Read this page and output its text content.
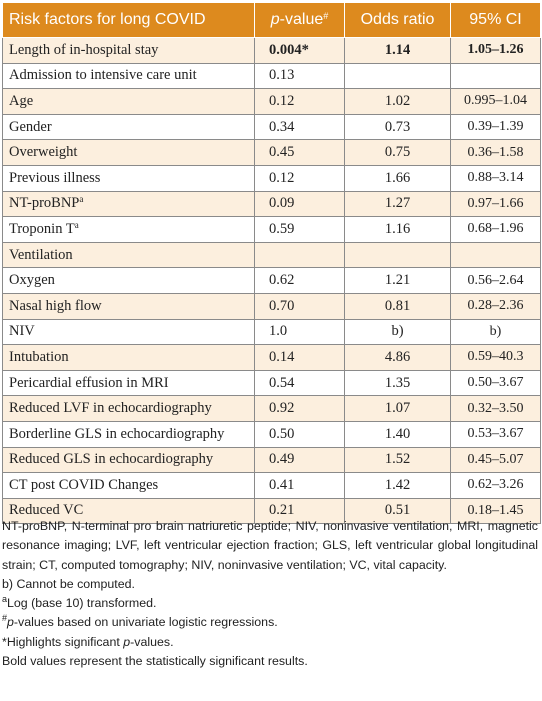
Risk factors for long COVID	p-value#	Odds ratio	95% CI
Length of in-hospital stay	0.004*	1.14	1.05–1.26
Admission to intensive care unit	0.13		
Age	0.12	1.02	0.995–1.04
Gender	0.34	0.73	0.39–1.39
Overweight	0.45	0.75	0.36–1.58
Previous illness	0.12	1.66	0.88–3.14
NT-proBNP$^a$	0.09	1.27	0.97–1.66
Troponin $T^a$	0.59	1.16	0.68–1.96
Ventilation			
Oxygen	0.62	1.21	0.56–2.64
Nasal high flow	0.70	0.81	0.28–2.36
NIV	1.0	b)	b)
Intubation	0.14	4.86	0.59–40.3
Pericardial effusion in MRI	0.54	1.35	0.50–3.67
Reduced LVF in echocardiography	0.92	1.07	0.32–3.50
Borderline GLS in echocardiography	0.50	1.40	0.53–3.67
Reduced GLS in echocardiography	0.49	1.52	0.45–5.07
CT post COVID Changes	0.41	1.42	0.62–3.26
Reduced VC	0.21	0.51	0.18–1.45

NT-proBNP, N-terminal pro brain natriuretic peptide; NIV, noninvasive ventilation, MRI, magnetic resonance imaging; LVF, left ventricular ejection fraction; GLS, left ventricular global longitudinal strain; CT, computed tomography; NIV, noninvasive ventilation; VC, vital capacity.

b) Cannot be computed.

$^a$Log (base 10) transformed.

#p-values based on univariate logistic regressions.

*Highlights significant p-values.

Bold values represent the statistically significant results.
